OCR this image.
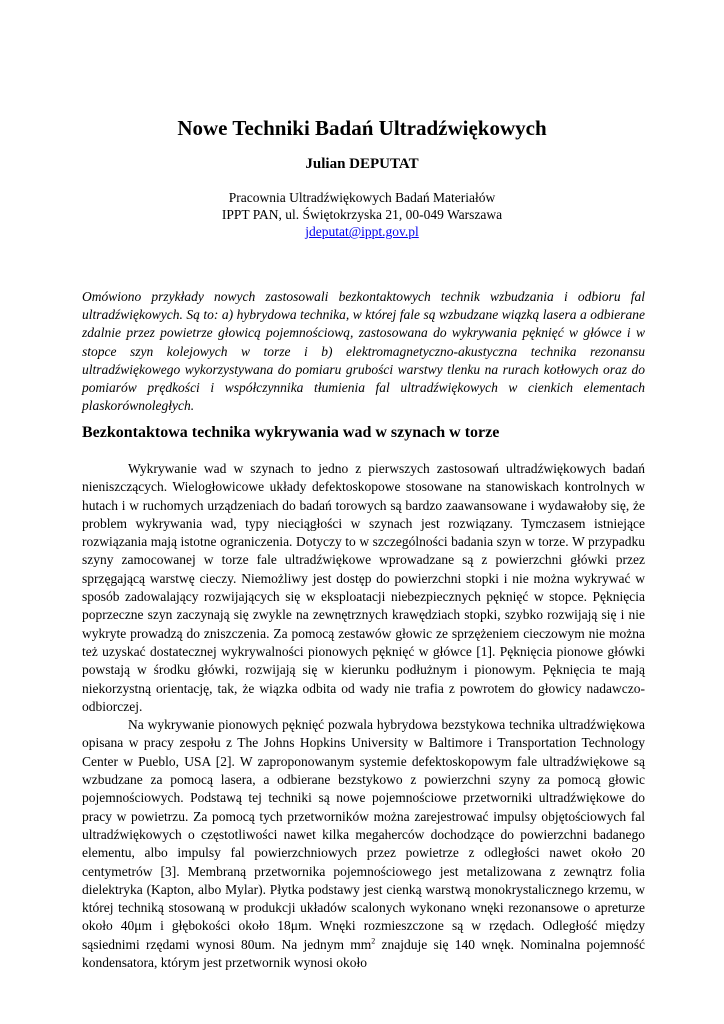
Nowe Techniki Badań Ultradźwiękowych
Julian DEPUTAT
Pracownia Ultradźwiękowych Badań Materiałów
IPPT PAN, ul. Świętokrzyska 21, 00-049 Warszawa
jdeputat@ippt.gov.pl

Omówiono przykłady nowych zastosowali bezkontaktowych technik wzbudzania i odbioru fal ultradźwiękowych. Są to: a) hybrydowa technika, w której fale są wzbudzane wiązką lasera a odbierane zdalnie przez powietrze głowicą pojemnościową, zastosowana do wykrywania pęknięć w główce i w stopce szyn kolejowych w torze i b) elektromagnetyczno-akustyczna technika rezonansu ultradźwiękowego wykorzystywana do pomiaru grubości warstwy tlenku na rurach kotłowych oraz do pomiarów prędkości i współczynnika tłumienia fal ultradźwiękowych w cienkich elementach plaskorównoległych.

Bezkontaktowa technika wykrywania wad w szynach w torze

Wykrywanie wad w szynach to jedno z pierwszych zastosowań ultradźwiękowych badań nieniszczących. Wielogłowicowe układy defektoskopowe stosowane na stanowiskach kontrolnych w hutach i w ruchomych urządzeniach do badań torowych są bardzo zaawansowane i wydawałoby się, że problem wykrywania wad, typy nieciągłości w szynach jest rozwiązany. Tymczasem istniejące rozwiązania mają istotne ograniczenia. Dotyczy to w szczególności badania szyn w torze. W przypadku szyny zamocowanej w torze fale ultradźwiękowe wprowadzane są z powierzchni główki przez sprzęgającą warstwę cieczy. Niemożliwy jest dostęp do powierzchni stopki i nie można wykrywać w sposób zadowalający rozwijających się w eksploatacji niebezpiecznych pęknięć w stopce. Pęknięcia poprzeczne szyn zaczynają się zwykle na zewnętrznych krawędziach stopki, szybko rozwijają się i nie wykryte prowadzą do zniszczenia. Za pomocą zestawów głowic ze sprzężeniem cieczowym nie można też uzyskać dostatecznej wykrywalności pionowych pęknięć w główce [1]. Pęknięcia pionowe główki powstają w środku główki, rozwijają się w kierunku podłużnym i pionowym. Pęknięcia te mają niekorzystną orientację, tak, że wiązka odbita od wady nie trafia z powrotem do głowicy nadawczo-odbiorczej.

Na wykrywanie pionowych pęknięć pozwala hybrydowa bezstykowa technika ultradźwiękowa opisana w pracy zespołu z The Johns Hopkins University w Baltimore i Transportation Technology Center w Pueblo, USA [2]. W zaproponowanym systemie defektoskopowym fale ultradźwiękowe są wzbudzane za pomocą lasera, a odbierane bezstykowo z powierzchni szyny za pomocą głowic pojemnościowych. Podstawą tej techniki są nowe pojemnościowe przetworniki ultradźwiękowe do pracy w powietrzu. Za pomocą tych przetworników można zarejestrować impulsy objętościowych fal ultradźwiękowych o częstotliwości nawet kilka megaherców dochodzące do powierzchni badanego elementu, albo impulsy fal powierzchniowych przez powietrze z odległości nawet około 20 centymetrów [3]. Membraną przetwornika pojemnościowego jest metalizowana z zewnątrz folia dielektryka (Kapton, albo Mylar). Płytka podstawy jest cienką warstwą monokrystalicznego krzemu, w której techniką stosowaną w produkcji układów scalonych wykonano wnęki rezonansowe o apreturze około 40μm i głębokości około 18μm. Wnęki rozmieszczone są w rzędach. Odległość między sąsiednimi rzędami wynosi 80um. Na jednym $mm^2$ znajduje się 140 wnęk. Nominalna pojemność kondensatora, którym jest przetwornik wynosi około
